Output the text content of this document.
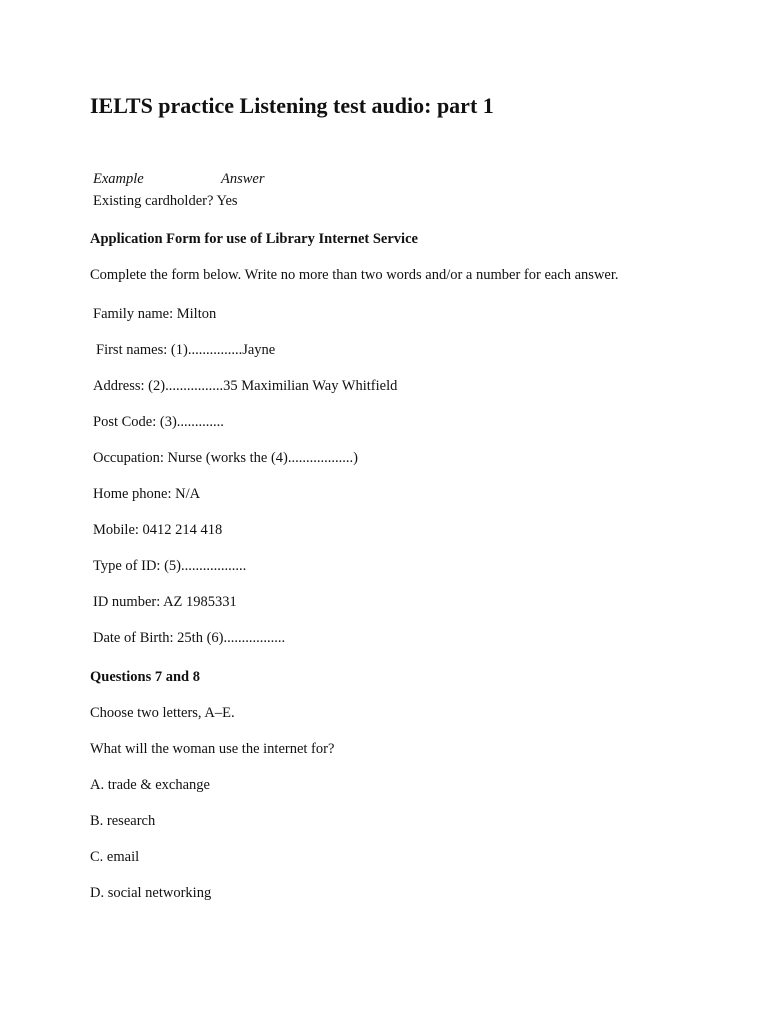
IELTS practice Listening test audio: part 1
Example	Answer
Existing cardholder? Yes
Application Form for use of Library Internet Service
Complete the form below. Write no more than two words and/or a number for each answer.
Family name: Milton
First names: (1)...............Jayne
Address: (2)................35 Maximilian Way Whitfield
Post Code: (3).............
Occupation: Nurse (works the (4)..................)
Home phone: N/A
Mobile: 0412 214 418
Type of ID: (5)..................
ID number: AZ 1985331
Date of Birth: 25th (6).................
Questions 7 and 8
Choose two letters, A–E.
What will the woman use the internet for?
A. trade & exchange
B. research
C. email
D. social networking
